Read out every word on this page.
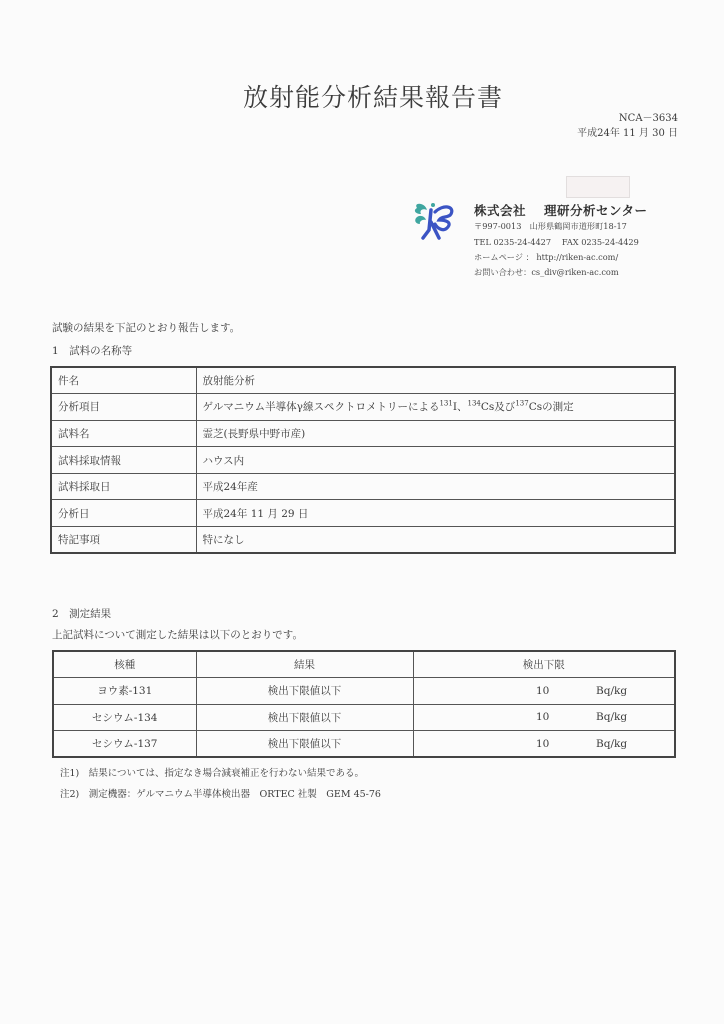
放射能分析結果報告書
NCA－3634
平成24年 11 月 30 日
株式会社 理研分析センター
〒997-0013　山形県鶴岡市道形町18-17
TEL 0235-24-4427　 FAX 0235-24-4429
ホームページ ： http://riken-ac.com/
お問い合わせ：cs_div@riken-ac.com
試験の結果を下記のとおり報告します。
1　試料の名称等
件名	放射能分析
分析項目	ゲルマニウム半導体γ線スペクトロメトリーによる$^{131}$I、$^{134}$Cs及び$^{137}$Csの測定
試料名	霊芝(長野県中野市産)
試料採取情報	ハウス内
試料採取日	平成24年産
分析日	平成24年 11 月 29 日
特記事項	特になし
2　測定結果
上記試料について測定した結果は以下のとおりです。
核種	結果	検出下限
ヨウ素-131	検出下限値以下	10 Bq/kg

セシウム-134	検出下限値以下	10 Bq/kg

セシウム-137	検出下限値以下	10 Bq/kg
注1)　結果については、指定なき場合減衰補正を行わない結果である。
注2)　測定機器：ゲルマニウム半導体検出器　ORTEC 社製　GEM 45-76
